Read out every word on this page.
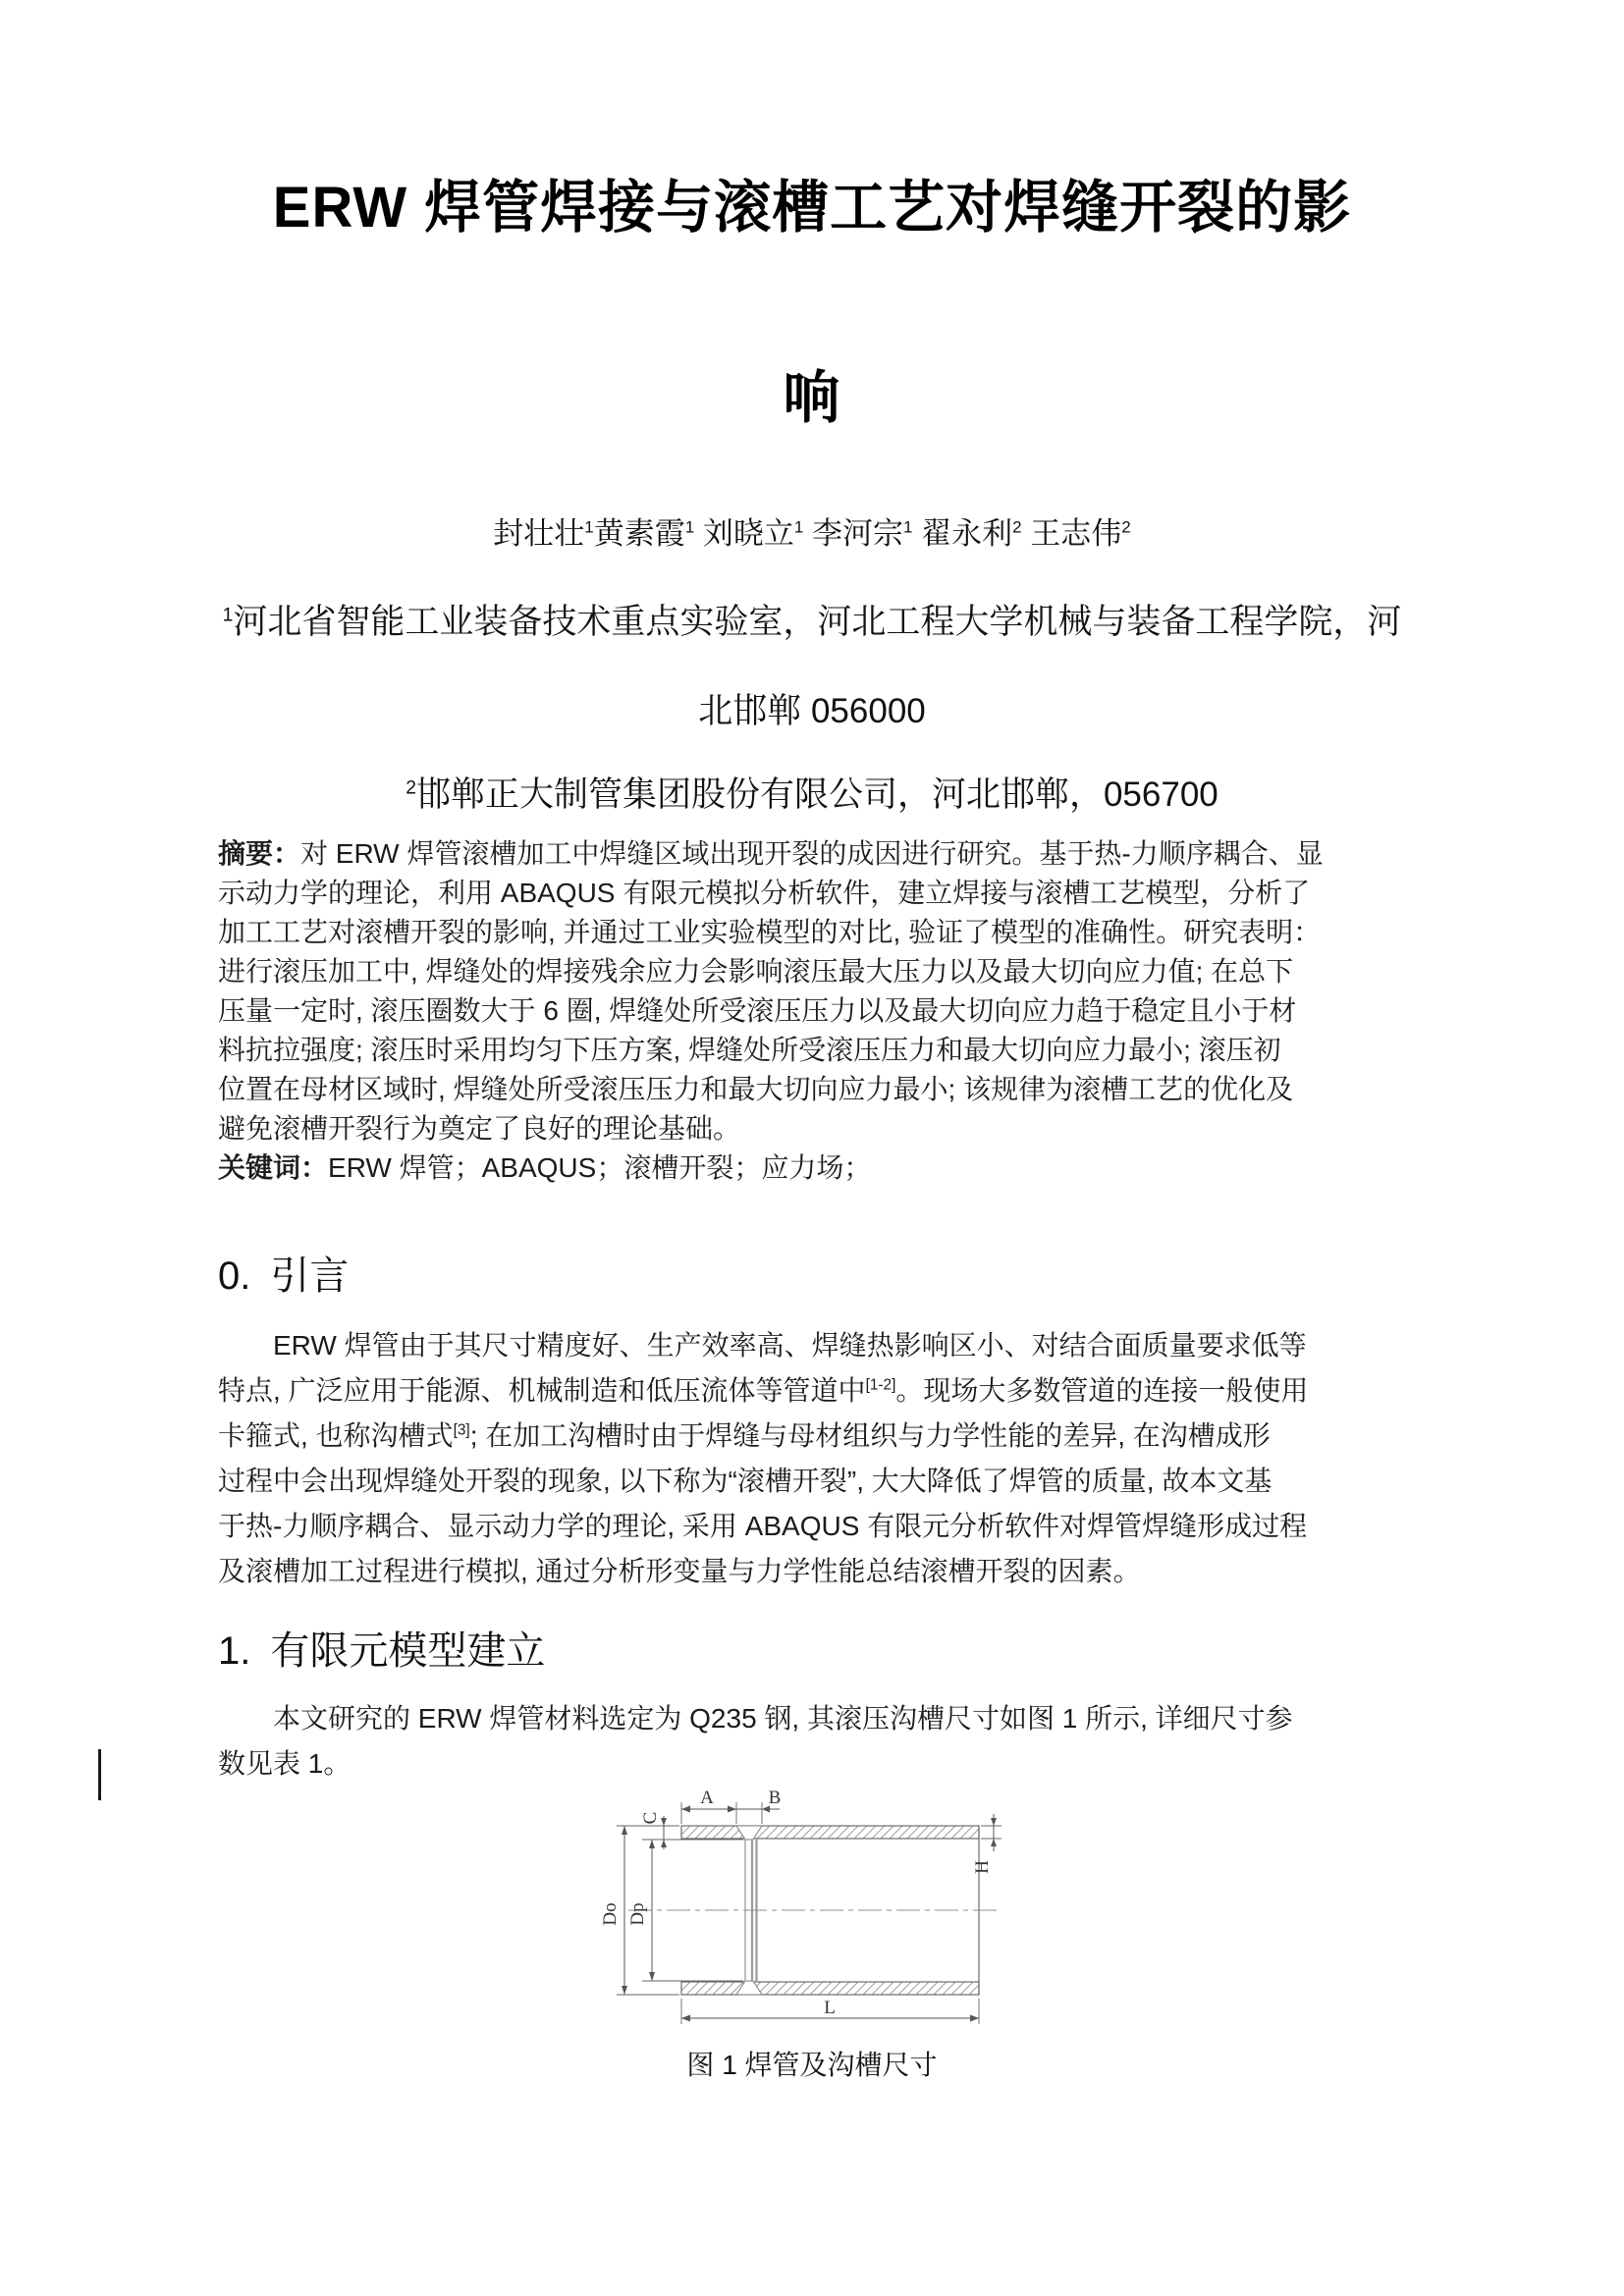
ERW 焊管焊接与滚槽工艺对焊缝开裂的影
响
封壮壮$^1$黄素霞$^1$ 刘晓立$^1$ 李河宗$^1$ 翟永利$^2$ 王志伟$^2$
$^1$河北省智能工业装备技术重点实验室，河北工程大学机械与装备工程学院，河
北邯郸 056000
$^2$邯郸正大制管集团股份有限公司，河北邯郸，056700
摘要：对 ERW 焊管滚槽加工中焊缝区域出现开裂的成因进行研究。基于热-力顺序耦合、显
示动力学的理论，利用 ABAQUS 有限元模拟分析软件，建立焊接与滚槽工艺模型，分析了
加工工艺对滚槽开裂的影响, 并通过工业实验模型的对比, 验证了模型的准确性。研究表明：
进行滚压加工中, 焊缝处的焊接残余应力会影响滚压最大压力以及最大切向应力值; 在总下
压量一定时, 滚压圈数大于 6 圈, 焊缝处所受滚压压力以及最大切向应力趋于稳定且小于材
料抗拉强度; 滚压时采用均匀下压方案, 焊缝处所受滚压压力和最大切向应力最小; 滚压初
位置在母材区域时, 焊缝处所受滚压压力和最大切向应力最小; 该规律为滚槽工艺的优化及
避免滚槽开裂行为奠定了良好的理论基础。
关键词：ERW 焊管；ABAQUS；滚槽开裂；应力场；
0. 引言
ERW 焊管由于其尺寸精度好、生产效率高、焊缝热影响区小、对结合面质量要求低等
特点, 广泛应用于能源、机械制造和低压流体等管道中[1-2]。现场大多数管道的连接一般使用
卡箍式, 也称沟槽式[3]; 在加工沟槽时由于焊缝与母材组织与力学性能的差异, 在沟槽成形
过程中会出现焊缝处开裂的现象, 以下称为“滚槽开裂”, 大大降低了焊管的质量, 故本文基
于热-力顺序耦合、显示动力学的理论, 采用 ABAQUS 有限元分析软件对焊管焊缝形成过程
及滚槽加工过程进行模拟, 通过分析形变量与力学性能总结滚槽开裂的因素。
1. 有限元模型建立
本文研究的 ERW 焊管材料选定为 Q235 钢, 其滚压沟槽尺寸如图 1 所示, 详细尺寸参
数见表 1。
A	B
C
Do Dp
H
L
图 1 焊管及沟槽尺寸
